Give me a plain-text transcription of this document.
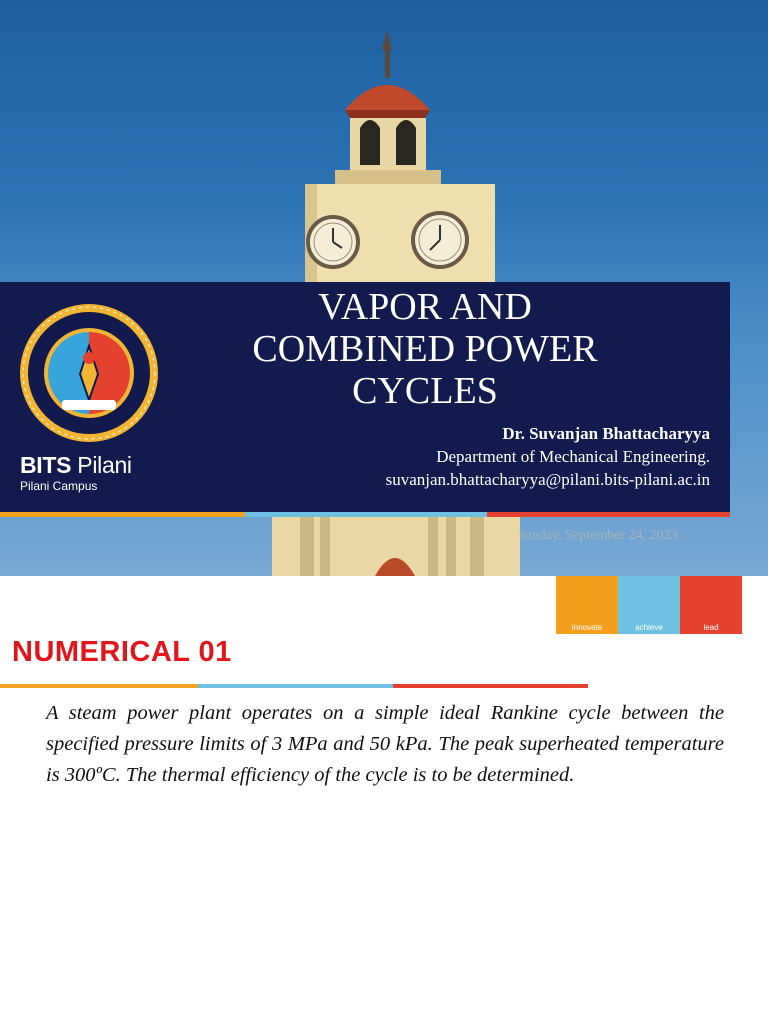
BITS Pilani
Pilani Campus
VAPOR AND
COMBINED POWER
CYCLES
Dr. Suvanjan Bhattacharyya
Department of Mechanical Engineering.
suvanjan.bhattacharyya@pilani.bits-pilani.ac.in
Sunday, September 24, 2023
innovate	achieve	lead
NUMERICAL 01

A steam power plant operates on a simple ideal Rankine cycle between the specified pressure limits of 3 MPa and 50 kPa. The peak superheated temperature is 300ºC. The thermal efficiency of the cycle is to be determined.
